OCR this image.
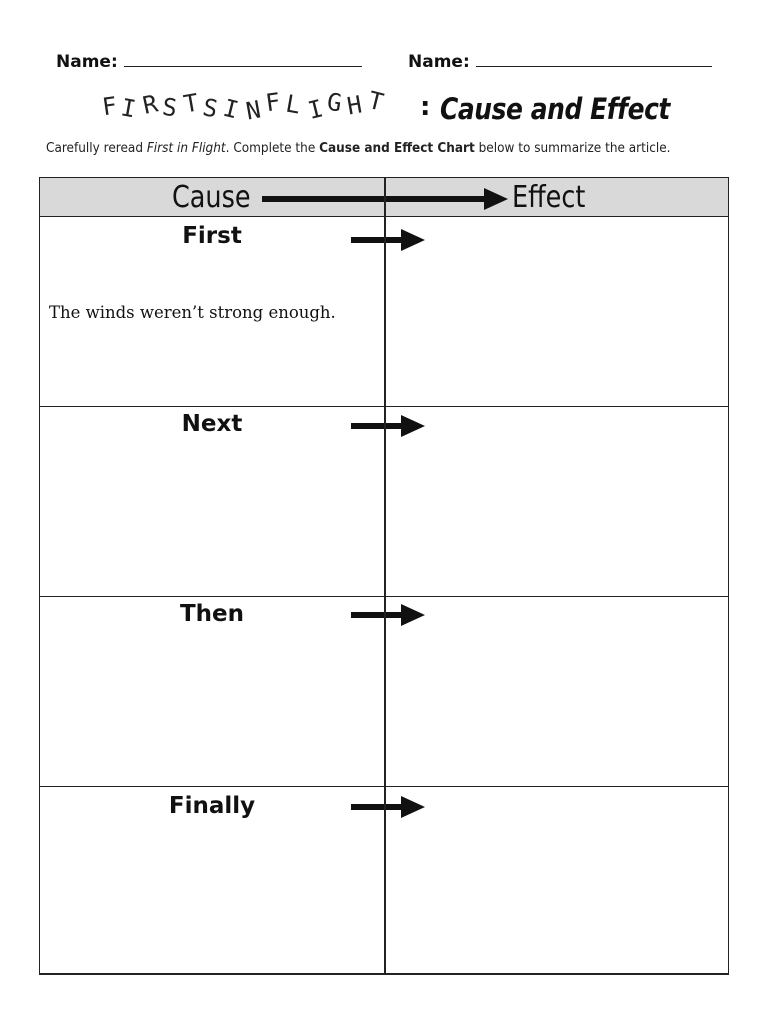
Name:	Name:
FIRSTSINFLIGHT : Cause and Effect
Carefully reread First in Flight. Complete the Cause and Effect Chart below to summarize the article.
Cause	Effect
First
The winds weren’t strong enough.
Next
Then
Finally
